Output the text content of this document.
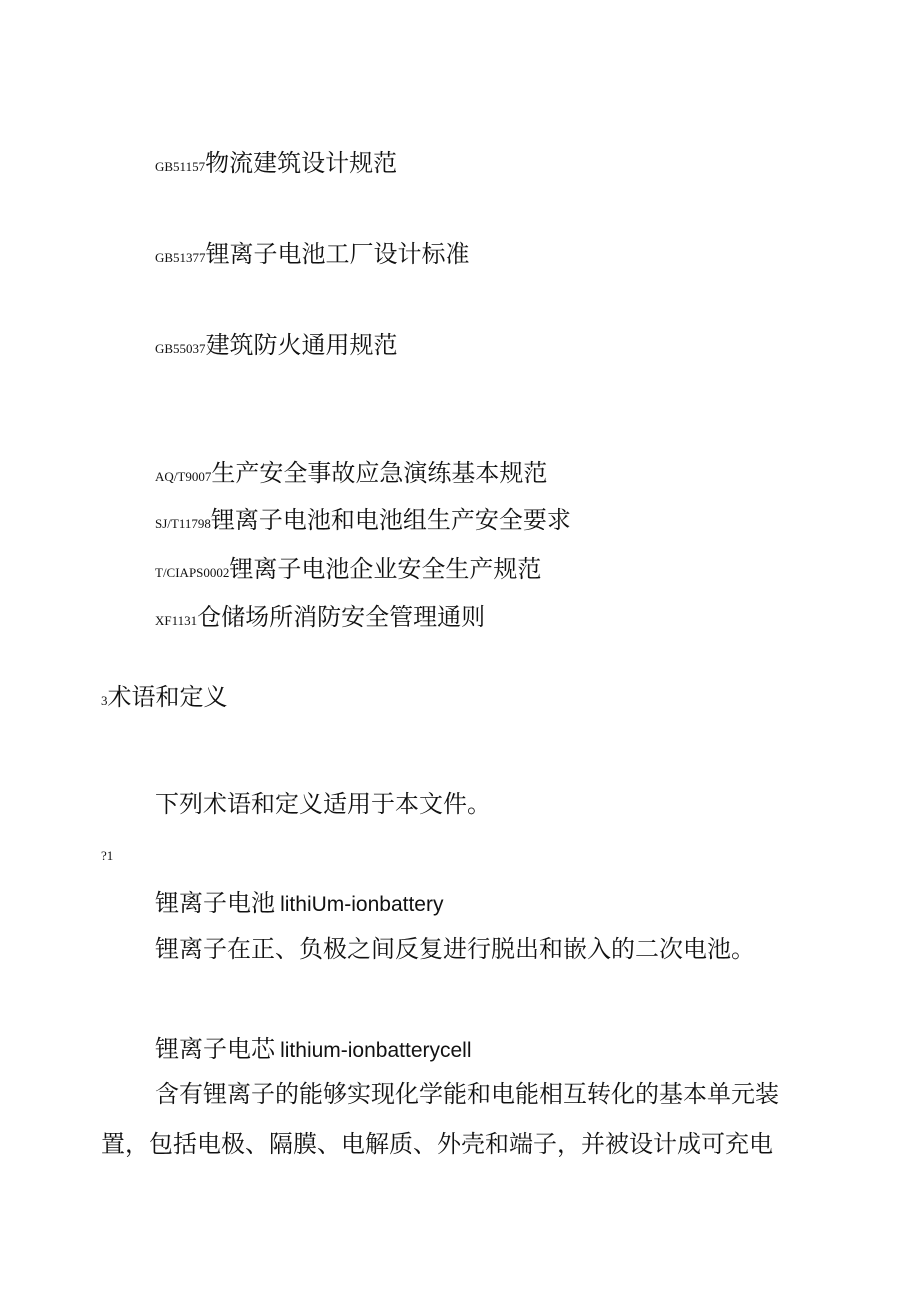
GB51157物流建筑设计规范
GB51377锂离子电池工厂设计标准
GB55037建筑防火通用规范
AQ/T9007生产安全事故应急演练基本规范
SJ/T11798锂离子电池和电池组生产安全要求
T/CIAPS0002锂离子电池企业安全生产规范
XF1131仓储场所消防安全管理通则
3术语和定义
下列术语和定义适用于本文件。
?1
锂离子电池 lithiUm-ionbattery
锂离子在正、负极之间反复进行脱出和嵌入的二次电池。
锂离子电芯 lithium-ionbatterycell
含有锂离子的能够实现化学能和电能相互转化的基本单元装
置，包括电极、隔膜、电解质、外壳和端子，并被设计成可充电
